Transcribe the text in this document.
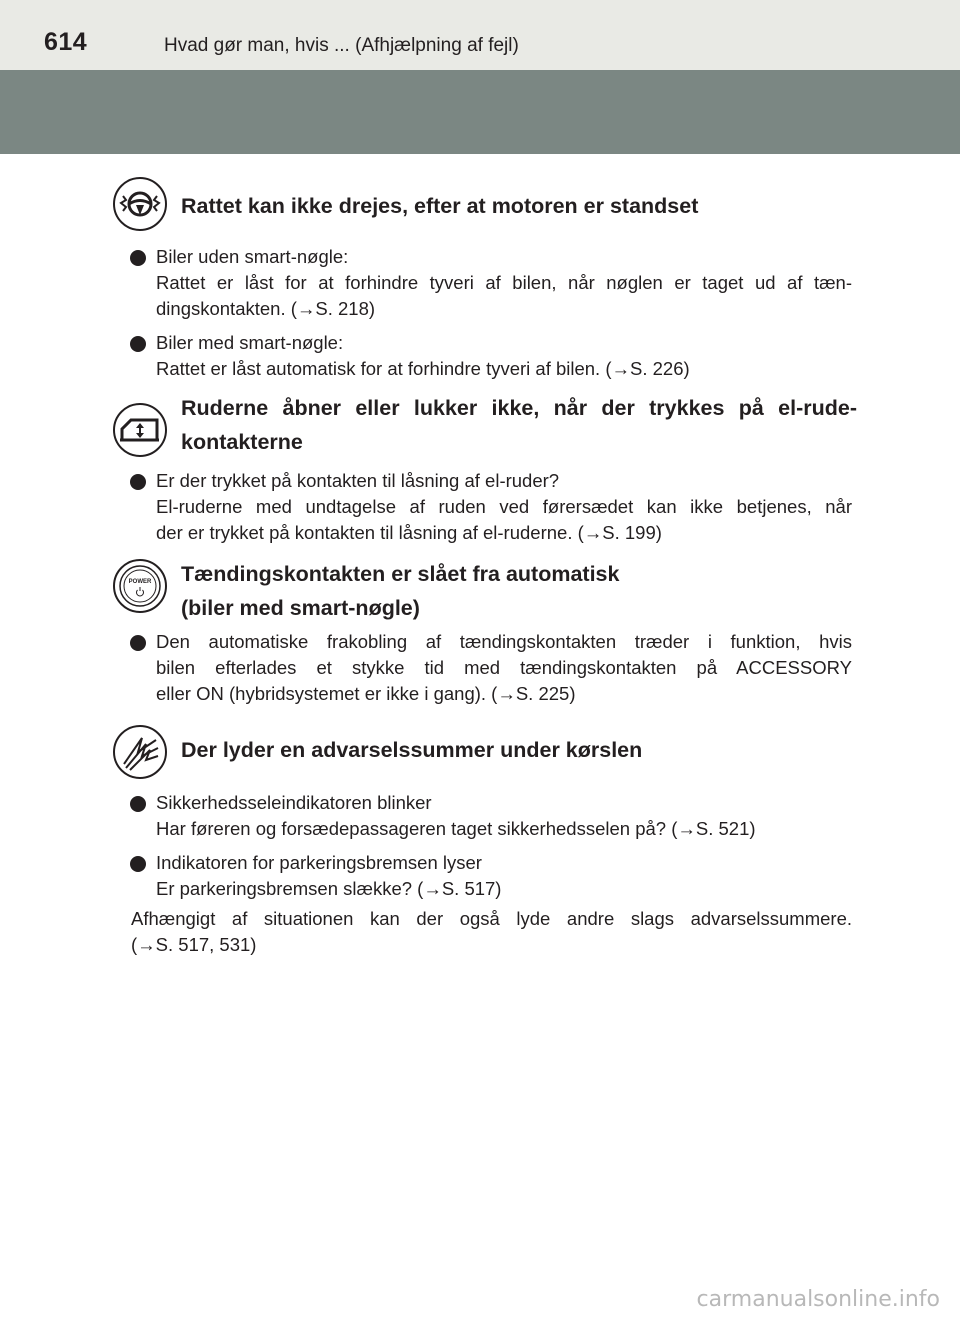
614	Hvad gør man, hvis ... (Afhjælpning af fejl)
Rattet kan ikke drejes, efter at motoren er standset
Biler uden smart-nøgle:
Rattet er låst for at forhindre tyveri af bilen, når nøglen er taget ud af tæn-
dingskontakten. (→S. 218)
Biler med smart-nøgle:
Rattet er låst automatisk for at forhindre tyveri af bilen. (→S. 226)
Ruderne åbner eller lukker ikke, når der trykkes på el-rude-
kontakterne
Er der trykket på kontakten til låsning af el-ruder?
El-ruderne med undtagelse af ruden ved førersædet kan ikke betjenes, når
der er trykket på kontakten til låsning af el-ruderne. (→S. 199)
POWER Tændingskontakten er slået fra automatisk
(biler med smart-nøgle)
Den automatiske frakobling af tændingskontakten træder i funktion, hvis
bilen efterlades et stykke tid med tændingskontakten på ACCESSORY
eller ON (hybridsystemet er ikke i gang). (→S. 225)
Der lyder en advarselssummer under kørslen
Sikkerhedsseleindikatoren blinker
Har føreren og forsædepassageren taget sikkerhedsselen på? (→S. 521)
Indikatoren for parkeringsbremsen lyser
Er parkeringsbremsen slække? (→S. 517)
Afhængigt af situationen kan der også lyde andre slags advarselssummere.
(→S. 517, 531)
carmanualsonline.info
